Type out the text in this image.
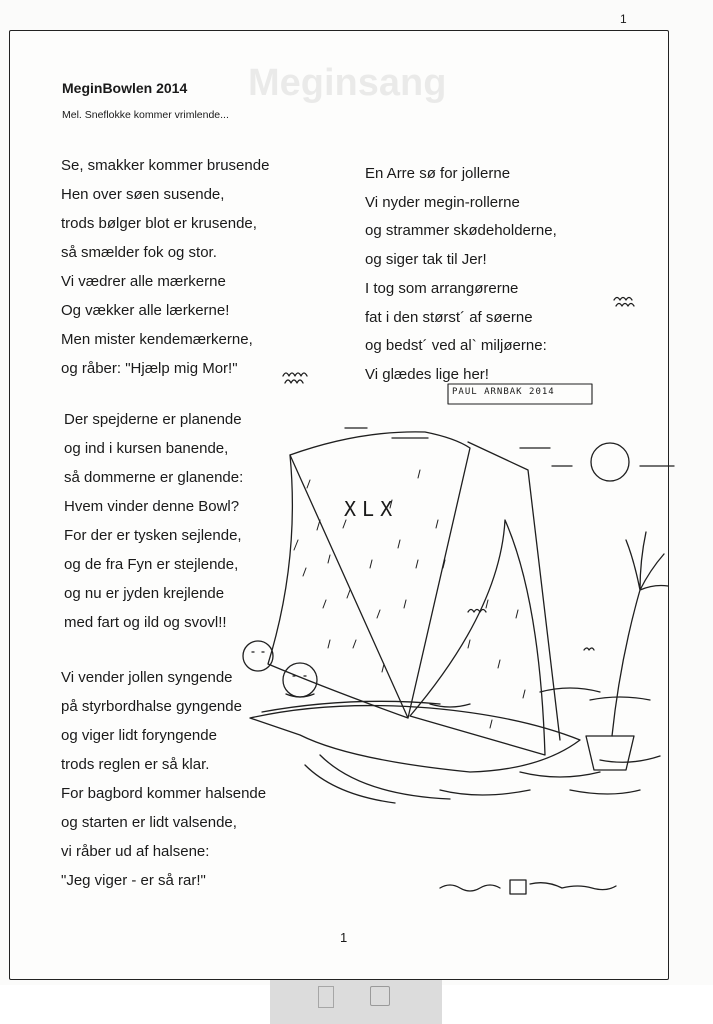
Meginsang
1
MeginBowlen 2014
Mel. Sneflokke kommer vrimlende...
Se, smakker kommer brusende
Hen over søen susende,
trods bølger blot er krusende,
så smælder fok og stor.
Vi vædrer alle mærkerne
Og vækker alle lærkerne!
Men mister kendemærkerne,
og råber: "Hjælp mig Mor!"
Der spejderne er planende
og ind i kursen banende,
så dommerne er glanende:
Hvem vinder denne Bowl?
For der er tysken sejlende,
og de fra Fyn er stejlende,
og nu er jyden krejlende
med fart og ild og svovl!!
Vi vender jollen syngende
på styrbordhalse gyngende
og viger lidt foryngende
trods reglen er så klar.
For bagbord kommer halsende
og starten er lidt valsende,
vi råber ud af halsene:
"Jeg viger - er så rar!"
En Arre sø for jollerne
Vi nyder megin-rollerne
og strammer skødeholderne,
og siger tak til Jer!
I tog som arrangørerne
fat i den størst´ af søerne
og bedst´ ved al` miljøerne:
Vi glædes lige her!
XLX
PAUL ARNBAK 2014
1
